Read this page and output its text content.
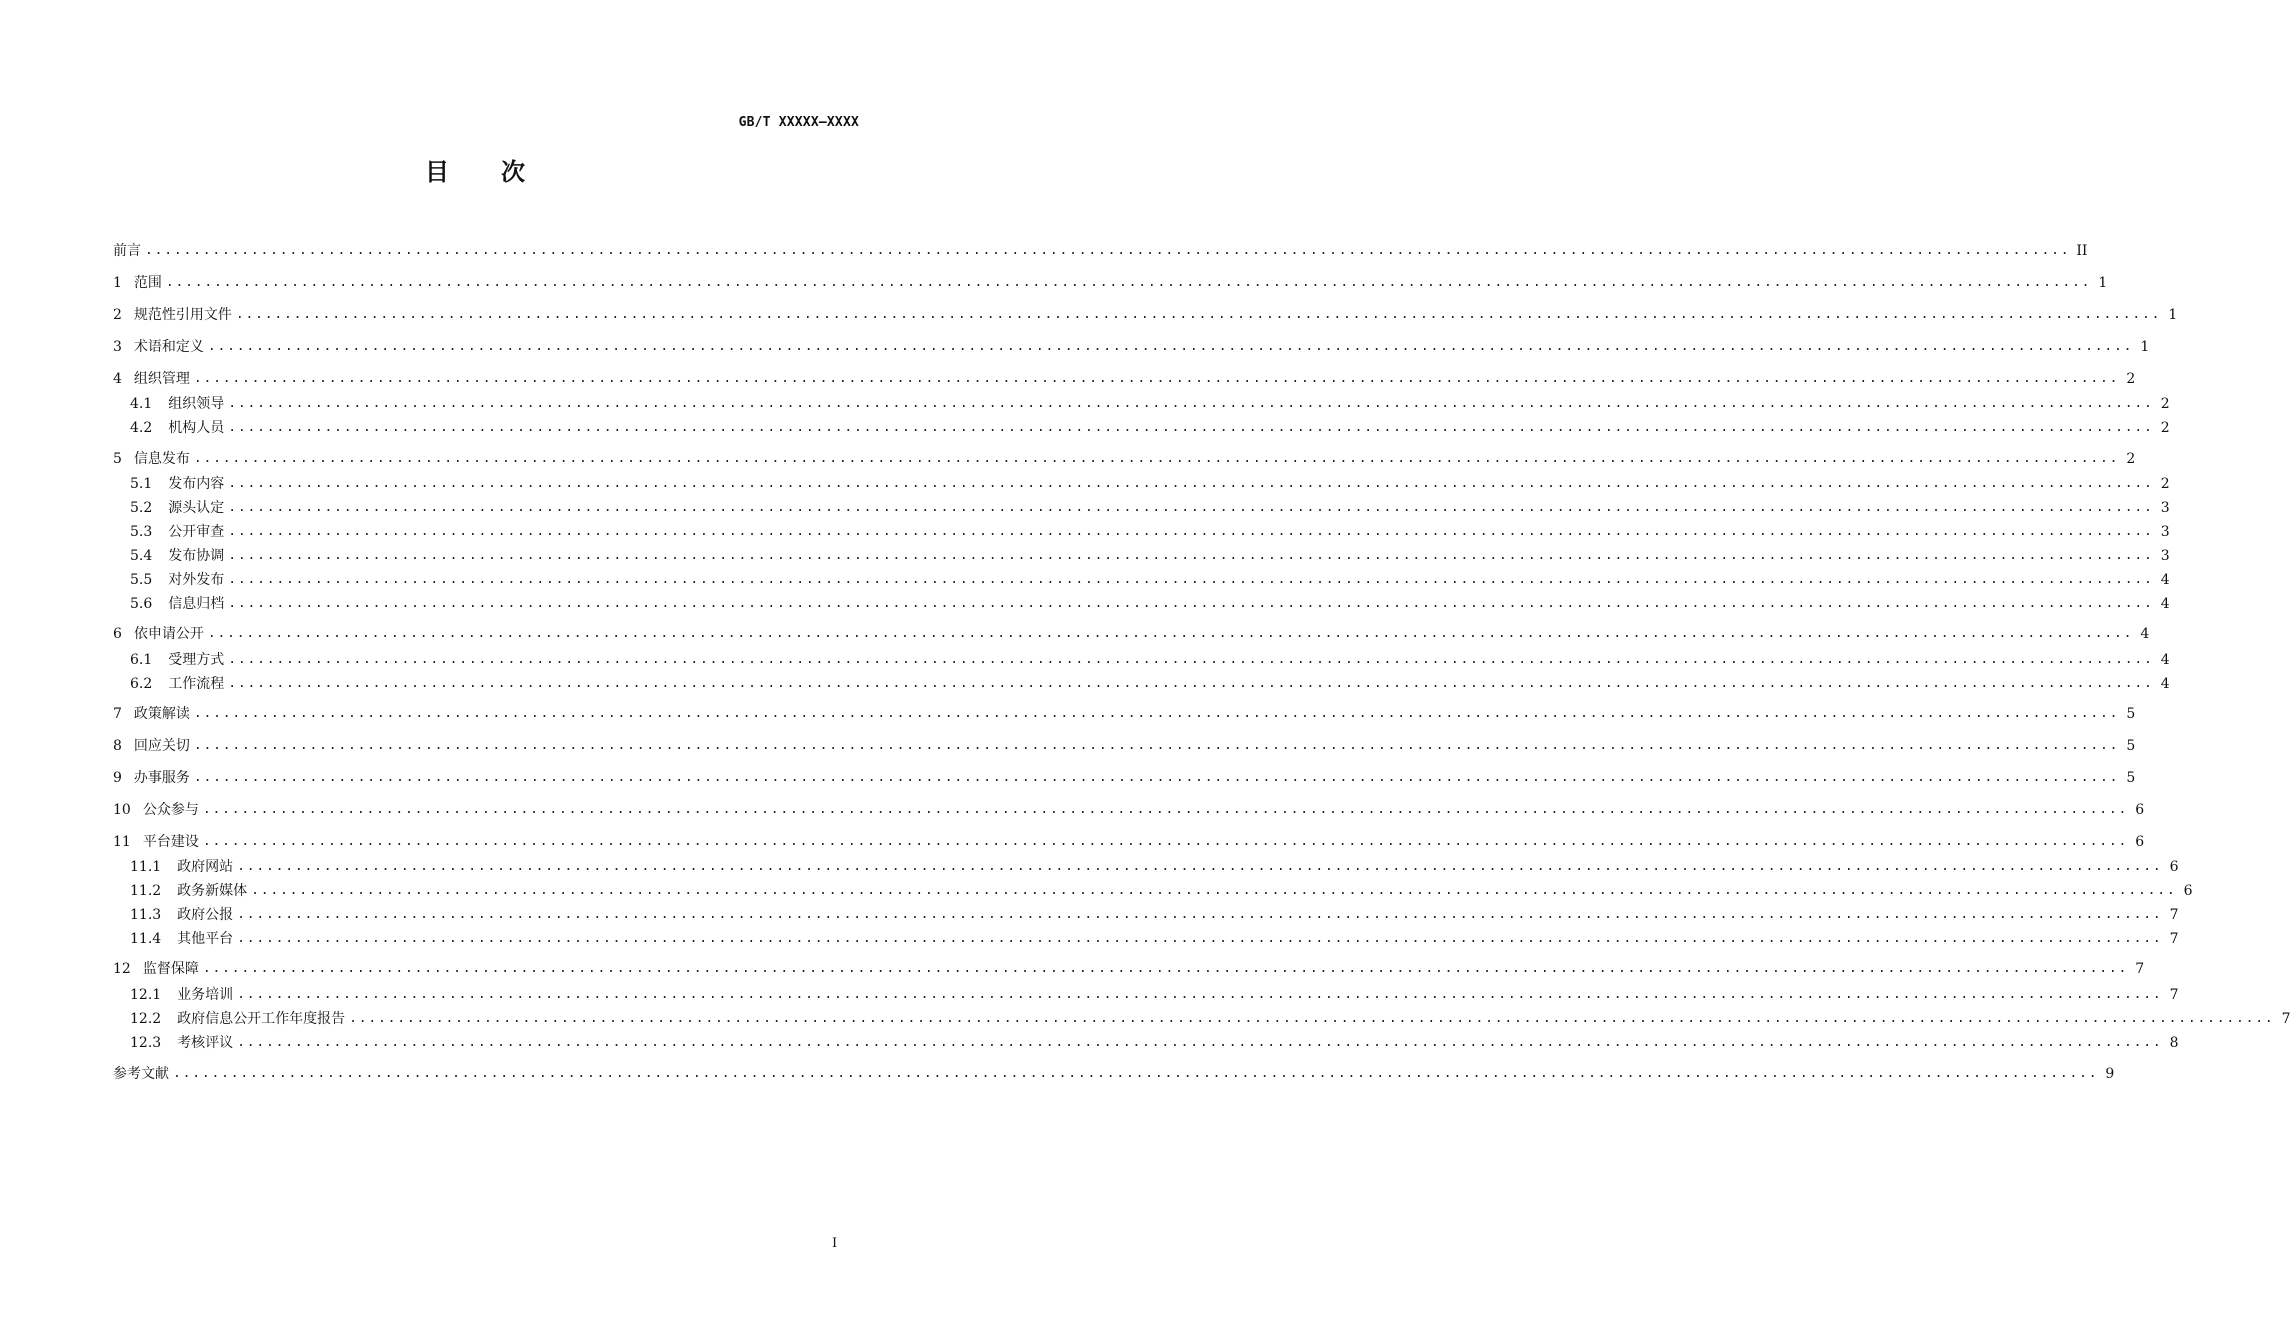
GB/T XXXXX—XXXX
目 次
前言 ........................................................................................................................................................................................................ II
1 范围 ........................................................................................................................................................................................................ 1
2 规范性引用文件 ........................................................................................................................................................................................................ 1
3 术语和定义 ........................................................................................................................................................................................................ 1
4 组织管理 ........................................................................................................................................................................................................ 2
4.1 组织领导 ........................................................................................................................................................................................................ 2
4.2 机构人员 ........................................................................................................................................................................................................ 2
5 信息发布 ........................................................................................................................................................................................................ 2
5.1 发布内容 ........................................................................................................................................................................................................ 2
5.2 源头认定 ........................................................................................................................................................................................................ 3
5.3 公开审查 ........................................................................................................................................................................................................ 3
5.4 发布协调 ........................................................................................................................................................................................................ 3
5.5 对外发布 ........................................................................................................................................................................................................ 4
5.6 信息归档 ........................................................................................................................................................................................................ 4
6 依申请公开 ........................................................................................................................................................................................................ 4
6.1 受理方式 ........................................................................................................................................................................................................ 4
6.2 工作流程 ........................................................................................................................................................................................................ 4
7 政策解读 ........................................................................................................................................................................................................ 5
8 回应关切 ........................................................................................................................................................................................................ 5
9 办事服务 ........................................................................................................................................................................................................ 5
10 公众参与 ........................................................................................................................................................................................................ 6
11 平台建设 ........................................................................................................................................................................................................ 6
11.1 政府网站 ........................................................................................................................................................................................................ 6
11.2 政务新媒体 ........................................................................................................................................................................................................ 6
11.3 政府公报 ........................................................................................................................................................................................................ 7
11.4 其他平台 ........................................................................................................................................................................................................ 7
12 监督保障 ........................................................................................................................................................................................................ 7
12.1 业务培训 ........................................................................................................................................................................................................ 7
12.2 政府信息公开工作年度报告 ........................................................................................................................................................................................................ 7
12.3 考核评议 ........................................................................................................................................................................................................ 8
参考文献 ........................................................................................................................................................................................................ 9
I
